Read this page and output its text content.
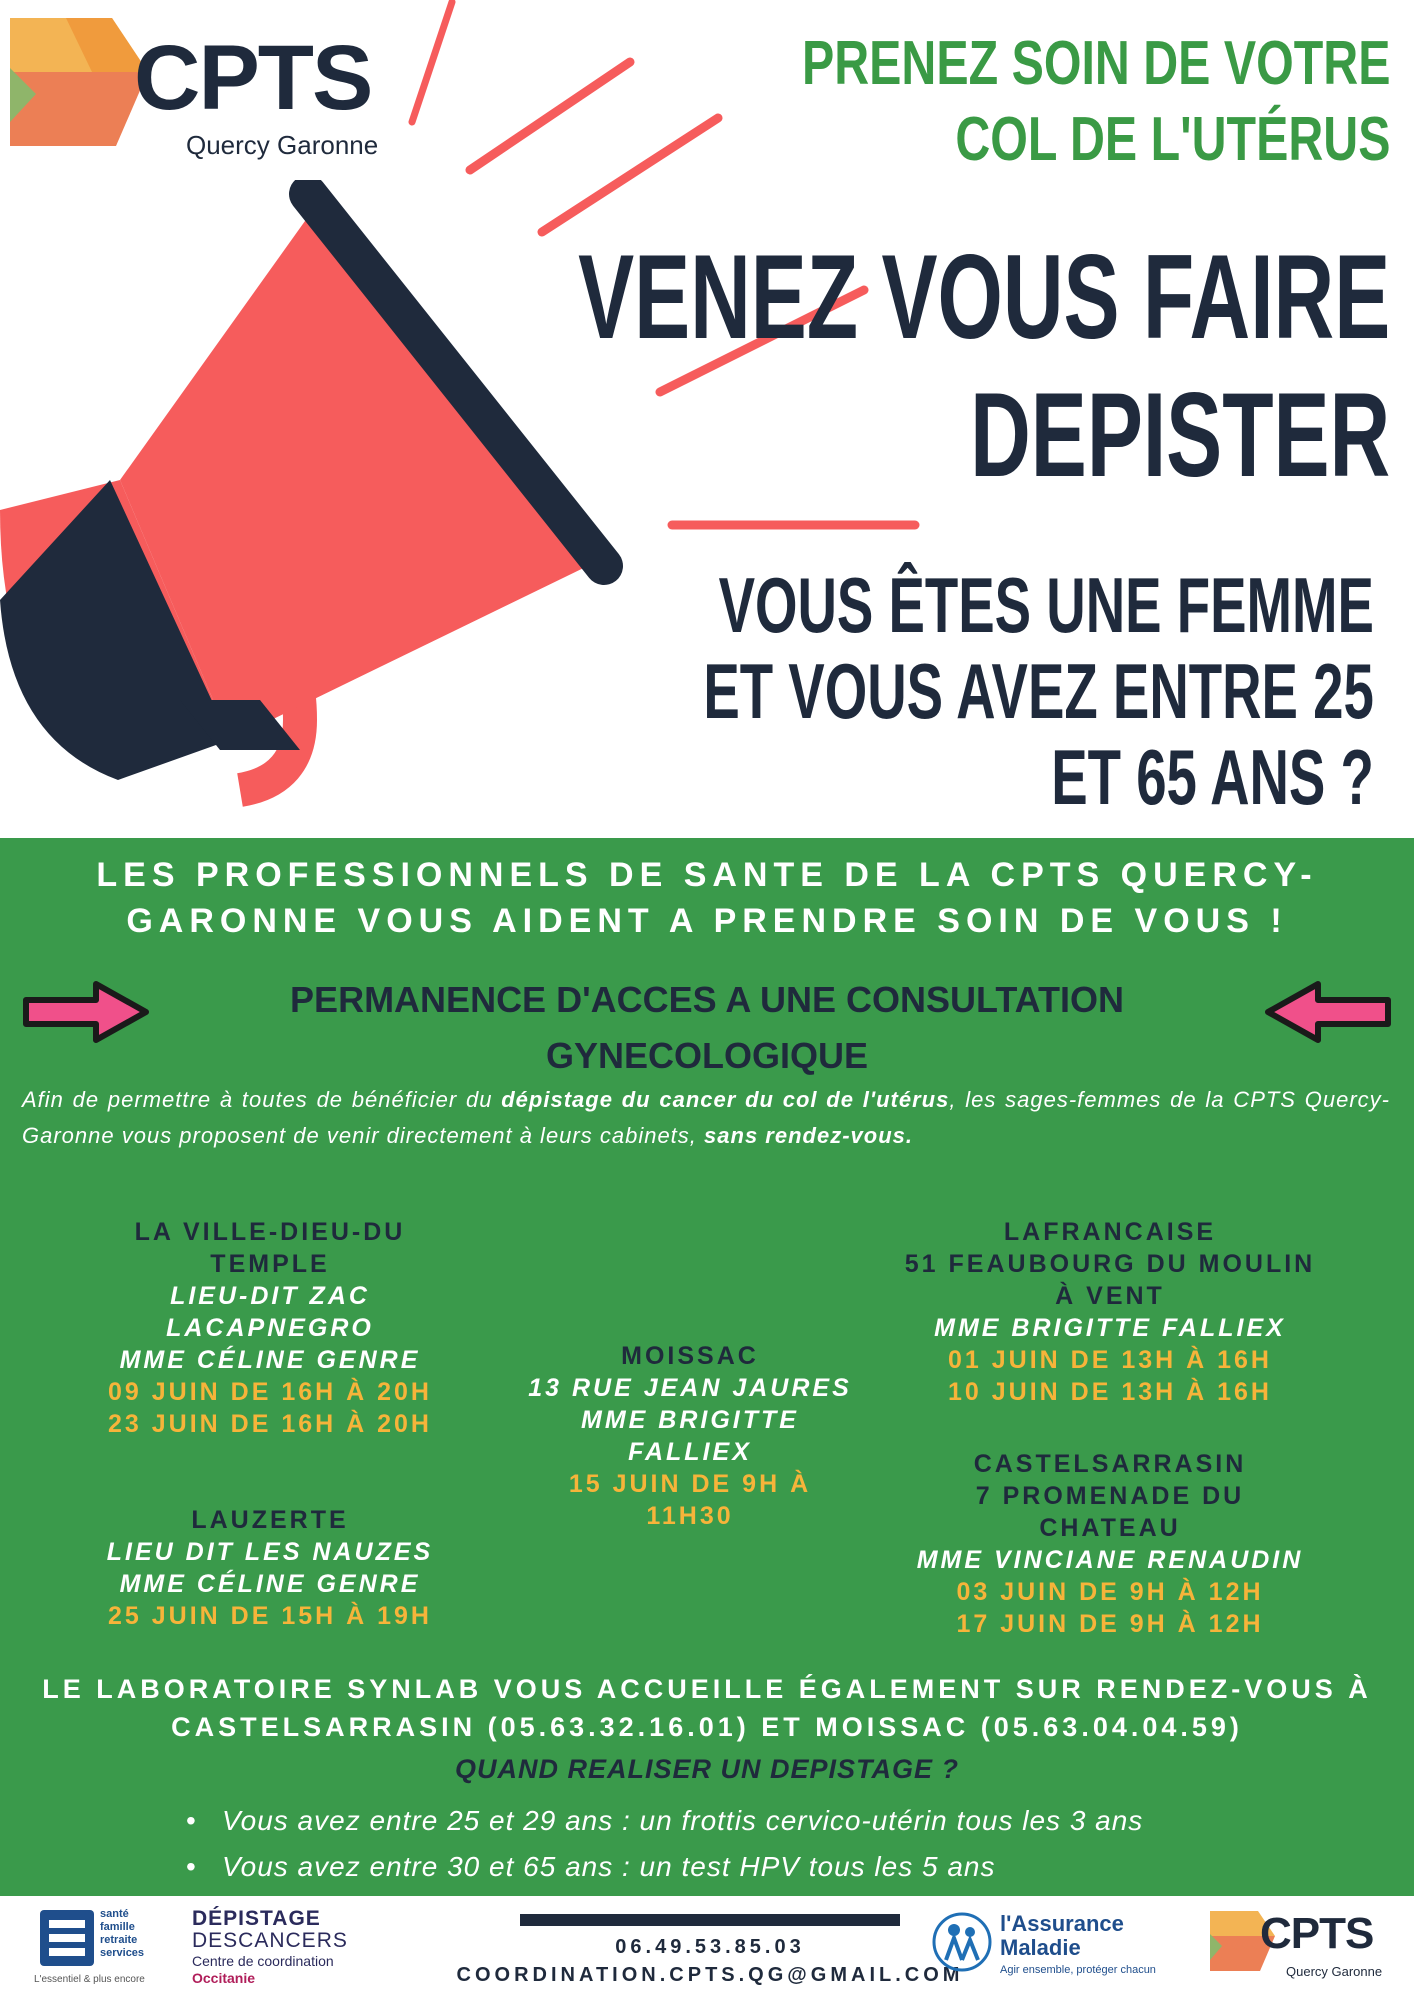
CPTS
Quercy Garonne
PRENEZ SOIN DE VOTRE
COL DE L'UTÉRUS
VENEZ VOUS FAIRE
DEPISTER
VOUS ÊTES UNE FEMME
ET VOUS AVEZ ENTRE 25
ET 65 ANS ?
LES PROFESSIONNELS DE SANTE DE LA CPTS QUERCY-
GARONNE VOUS AIDENT A PRENDRE SOIN DE VOUS !
PERMANENCE D'ACCES A UNE CONSULTATION
GYNECOLOGIQUE
Afin de permettre à toutes de bénéficier du dépistage du cancer du col de l'utérus, les sages-femmes de la CPTS Quercy-Garonne vous proposent de venir directement à leurs cabinets, sans rendez-vous.
LA VILLE-DIEU-DU
TEMPLE
LIEU-DIT ZAC
LACAPNEGRO
MME CÉLINE GENRE
09 JUIN DE 16H À 20H
23 JUIN DE 16H À 20H
LAUZERTE
LIEU DIT LES NAUZES
MME CÉLINE GENRE
25 JUIN DE 15H À 19H
MOISSAC
13 RUE JEAN JAURES
MME BRIGITTE
FALLIEX
15 JUIN DE 9H À
11H30
LAFRANCAISE
51 FEAUBOURG DU MOULIN
À VENT
MME BRIGITTE FALLIEX
01 JUIN DE 13H À 16H
10 JUIN DE 13H À 16H
CASTELSARRASIN
7 PROMENADE DU
CHATEAU
MME VINCIANE RENAUDIN
03 JUIN DE 9H À 12H
17 JUIN DE 9H À 12H
LE LABORATOIRE SYNLAB VOUS ACCUEILLE ÉGALEMENT SUR RENDEZ-VOUS À
CASTELSARRASIN (05.63.32.16.01) ET MOISSAC (05.63.04.04.59)
QUAND REALISER UN DEPISTAGE ?
• Vous avez entre 25 et 29 ans : un frottis cervico-utérin tous les 3 ans
• Vous avez entre 30 et 65 ans : un test HPV tous les 5 ans
santé
famille
retraite
services
L'essentiel & plus encore
DÉPISTAGE
DESCANCERS
Centre de coordination
Occitanie
06.49.53.85.03
COORDINATION.CPTS.QG@GMAIL.COM
l'Assurance
Maladie
Agir ensemble, protéger chacun
CPTS
Quercy Garonne
